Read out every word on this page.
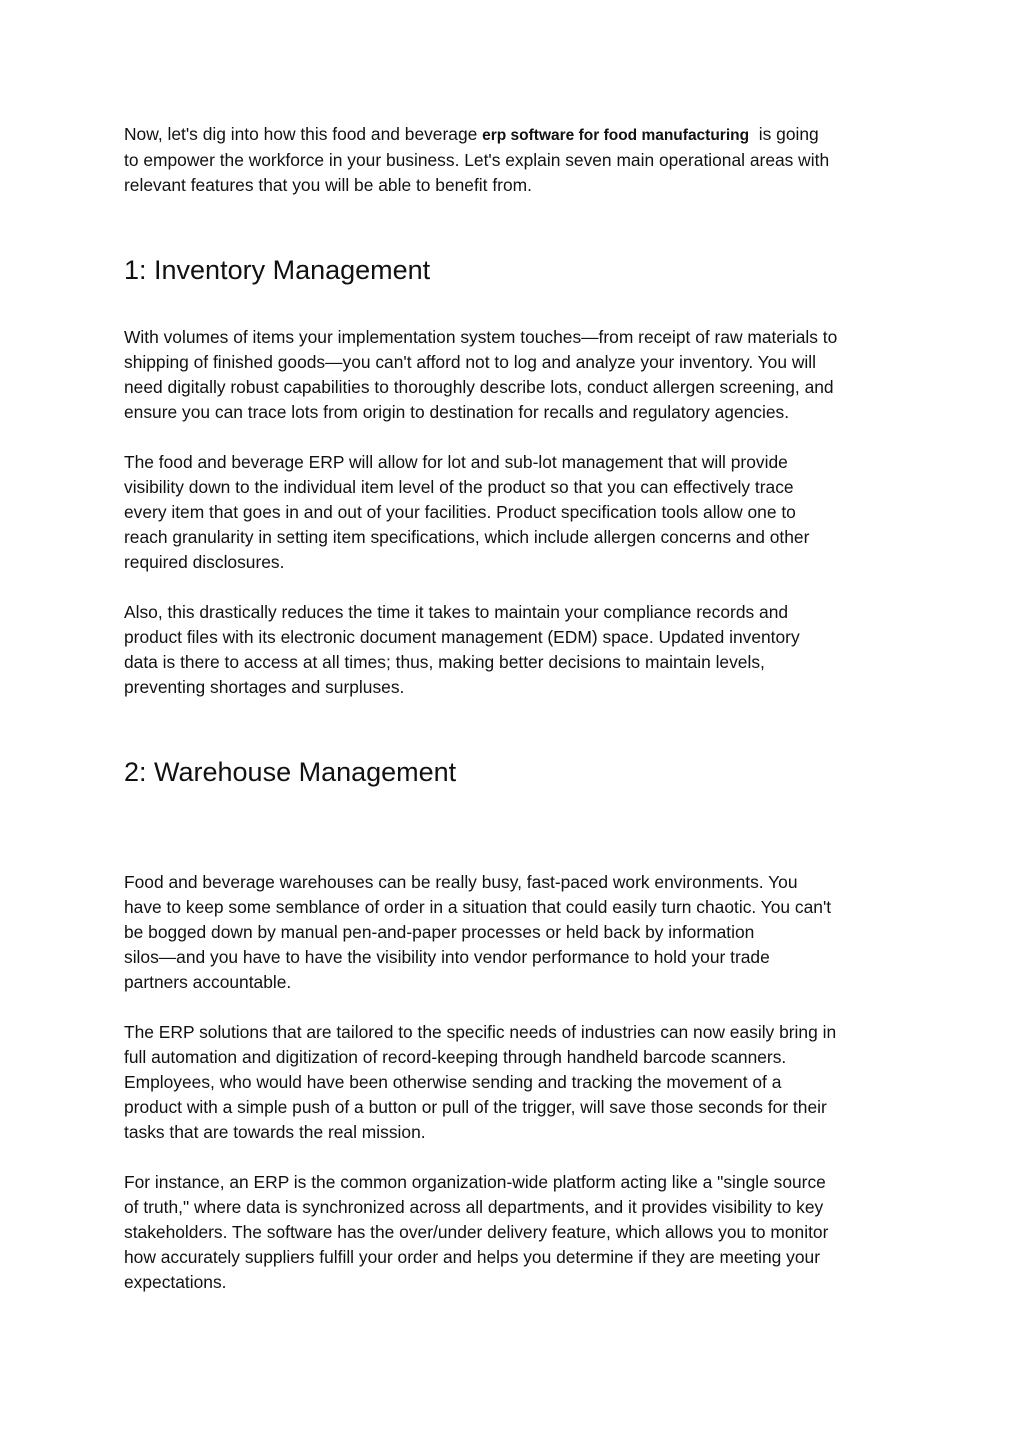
Now, let's dig into how this food and beverage erp software for food manufacturing  is going
to empower the workforce in your business. Let's explain seven main operational areas with
relevant features that you will be able to benefit from.

1: Inventory Management

With volumes of items your implementation system touches—from receipt of raw materials to
shipping of finished goods—you can't afford not to log and analyze your inventory. You will
need digitally robust capabilities to thoroughly describe lots, conduct allergen screening, and
ensure you can trace lots from origin to destination for recalls and regulatory agencies.

The food and beverage ERP will allow for lot and sub-lot management that will provide
visibility down to the individual item level of the product so that you can effectively trace
every item that goes in and out of your facilities. Product specification tools allow one to
reach granularity in setting item specifications, which include allergen concerns and other
required disclosures.

Also, this drastically reduces the time it takes to maintain your compliance records and
product files with its electronic document management (EDM) space. Updated inventory
data is there to access at all times; thus, making better decisions to maintain levels,
preventing shortages and surpluses.

2: Warehouse Management

Food and beverage warehouses can be really busy, fast-paced work environments. You
have to keep some semblance of order in a situation that could easily turn chaotic. You can't
be bogged down by manual pen-and-paper processes or held back by information
silos—and you have to have the visibility into vendor performance to hold your trade
partners accountable.

The ERP solutions that are tailored to the specific needs of industries can now easily bring in
full automation and digitization of record-keeping through handheld barcode scanners.
Employees, who would have been otherwise sending and tracking the movement of a
product with a simple push of a button or pull of the trigger, will save those seconds for their
tasks that are towards the real mission.

For instance, an ERP is the common organization-wide platform acting like a "single source
of truth," where data is synchronized across all departments, and it provides visibility to key
stakeholders. The software has the over/under delivery feature, which allows you to monitor
how accurately suppliers fulfill your order and helps you determine if they are meeting your
expectations.
